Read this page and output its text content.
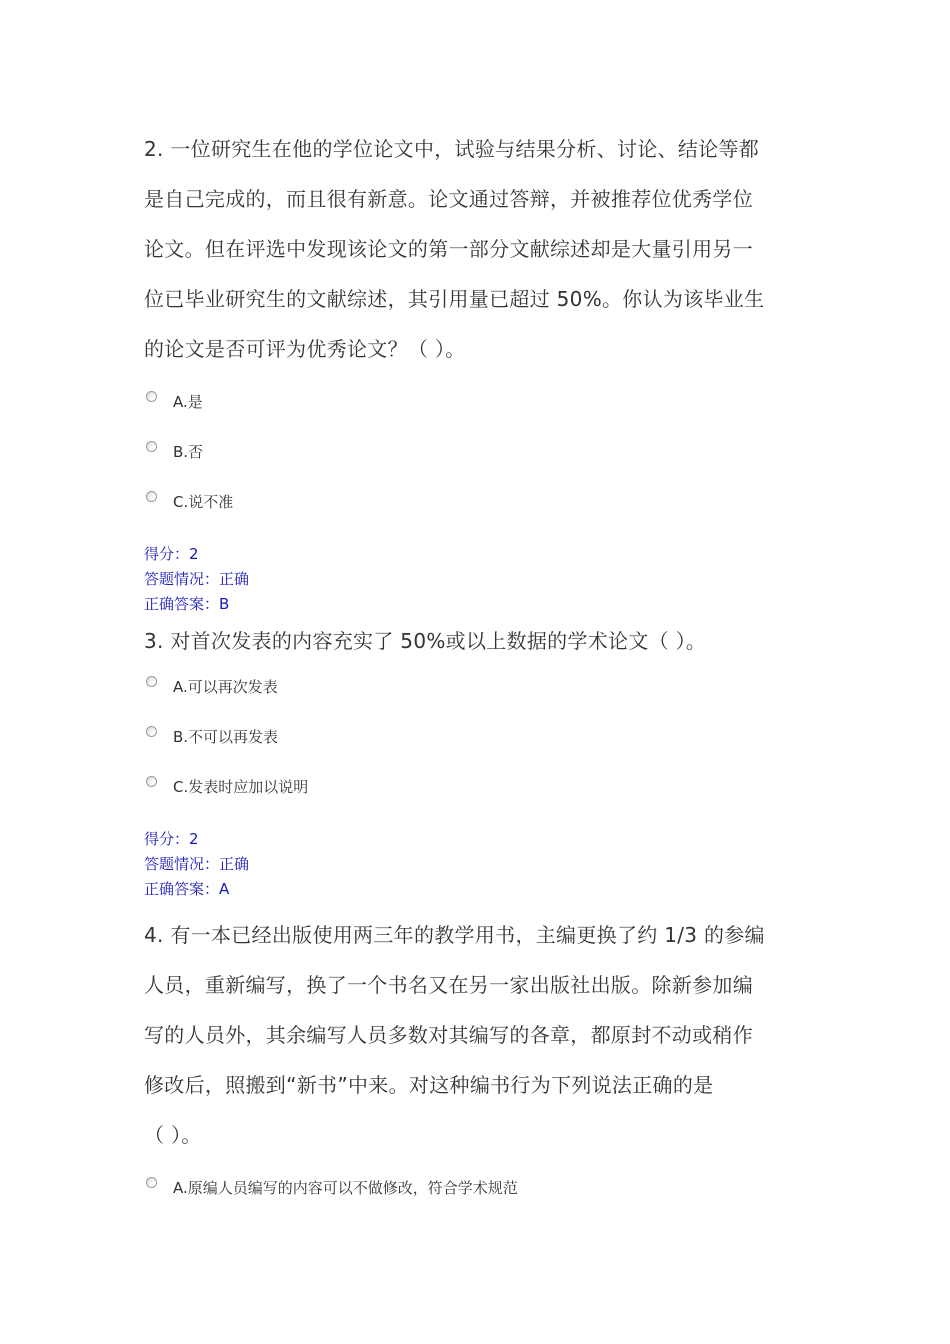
2. 一位研究生在他的学位论文中，试验与结果分析、讨论、结论等都
是自己完成的，而且很有新意。论文通过答辩，并被推荐位优秀学位
论文。但在评选中发现该论文的第一部分文献综述却是大量引用另一
位已毕业研究生的文献综述，其引用量已超过 50%。你认为该毕业生
的论文是否可评为优秀论文？（ ）。
A.是
B.否
C.说不准
得分：2
答题情况：正确
正确答案：B
3. 对首次发表的内容充实了 50%或以上数据的学术论文（ ）。
A.可以再次发表
B.不可以再发表
C.发表时应加以说明
得分：2
答题情况：正确
正确答案：A
4. 有一本已经出版使用两三年的教学用书，主编更换了约 1/3 的参编
人员，重新编写，换了一个书名又在另一家出版社出版。除新参加编
写的人员外，其余编写人员多数对其编写的各章，都原封不动或稍作
修改后，照搬到“新书”中来。对这种编书行为下列说法正确的是
（ ）。
A.原编人员编写的内容可以不做修改，符合学术规范
